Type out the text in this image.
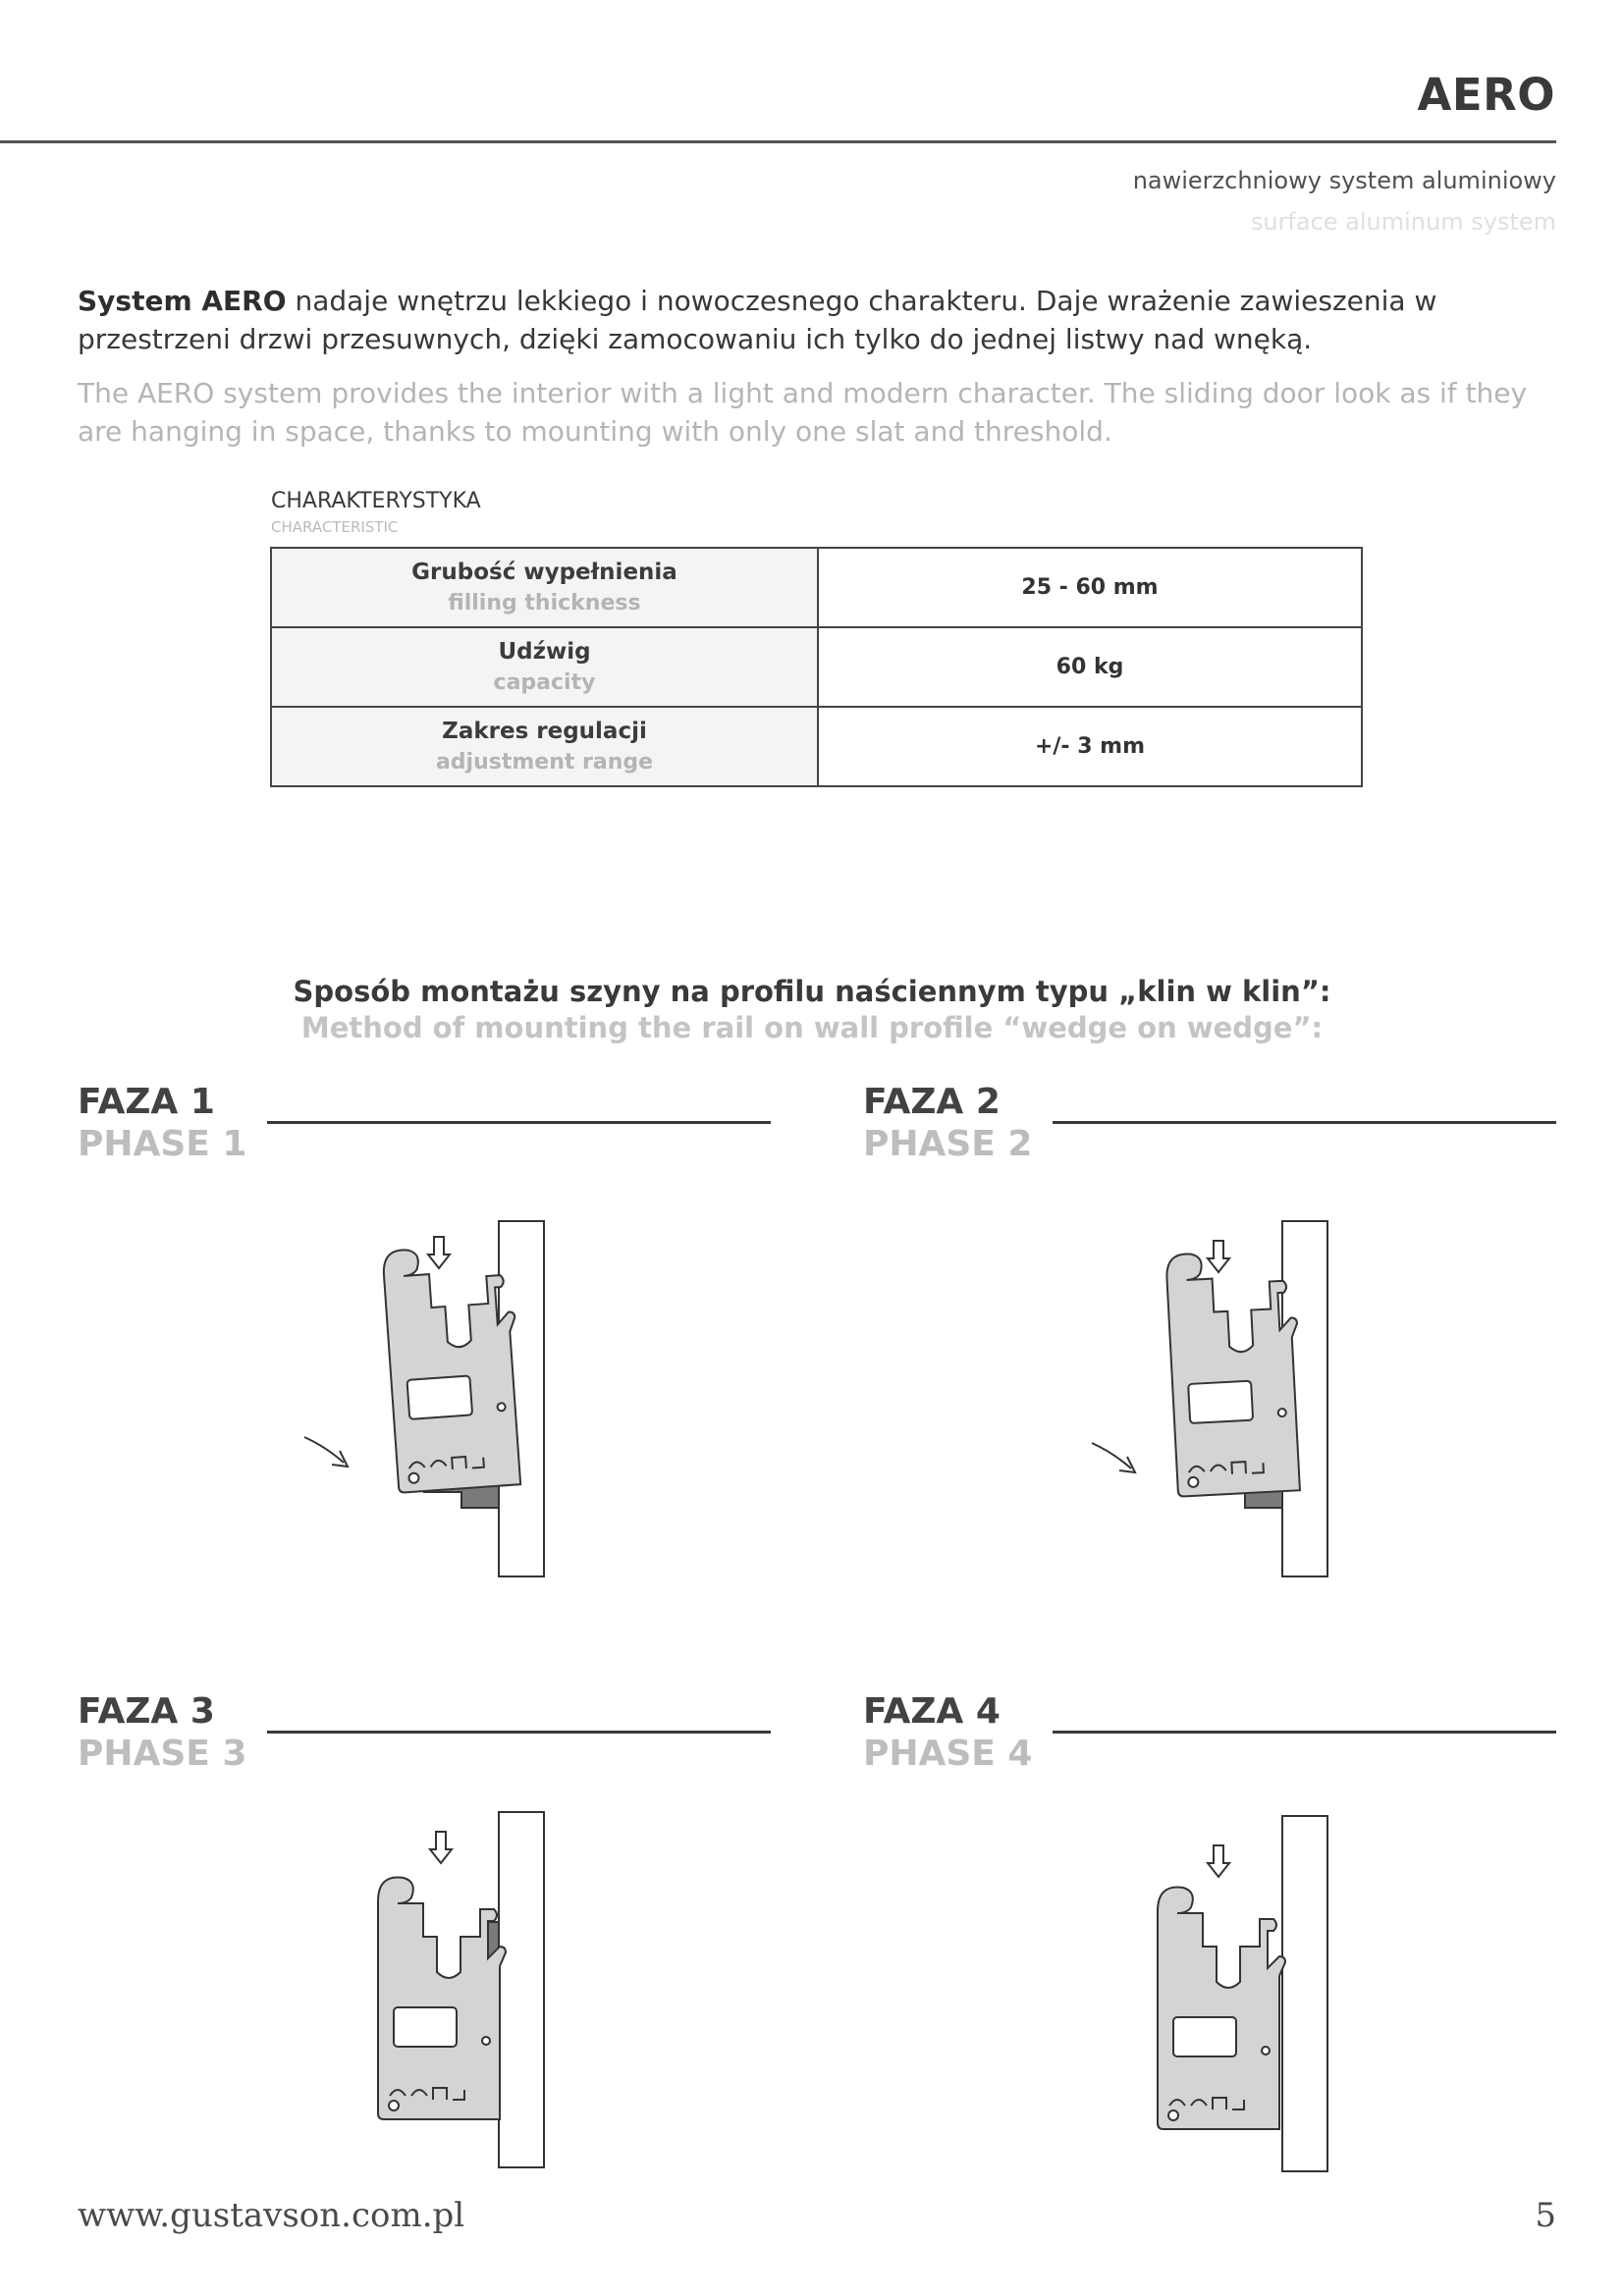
AERO
nawierzchniowy system aluminiowy
surface aluminum system
System AERO nadaje wnętrzu lekkiego i nowoczesnego charakteru. Daje wrażenie zawieszenia w przestrzeni drzwi przesuwnych, dzięki zamocowaniu ich tylko do jednej listwy nad wnęką.
The AERO system provides the interior with a light and modern character. The sliding door look as if they are hanging in space, thanks to mounting with only one slat and threshold.
CHARAKTERYSTYKA
CHARACTERISTIC
Grubość wypełnienia
filling thickness	25 - 60 mm

Udźwig
capacity	60 kg

Zakres regulacji
adjustment range	+/- 3 mm
Sposób montażu szyny na profilu naściennym typu „klin w klin”:
Method of mounting the rail on wall profile “wedge on wedge”:
FAZA 1
PHASE 1
FAZA 2
PHASE 2
FAZA 3
PHASE 3
FAZA 4
PHASE 4
www.gustavson.com.pl	5
